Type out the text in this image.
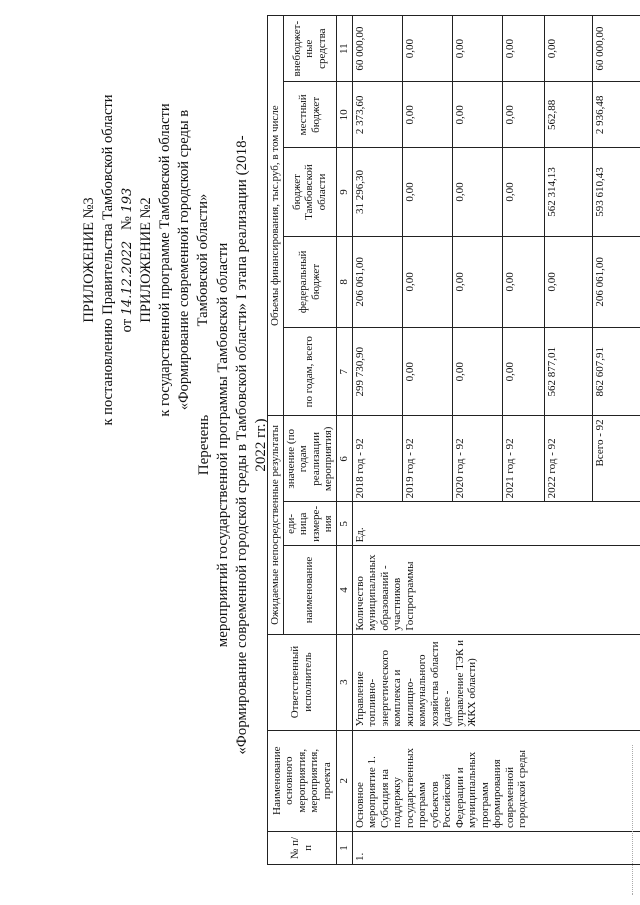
ПРИЛОЖЕНИЕ №3 к постановлению Правительства Тамбовской области от 14.12.2022   № 193 ПРИЛОЖЕНИЕ №2 к государственной программе Тамбовской области «Формирование современной городской среды в Тамбовской области»
Перечень мероприятий государственной программы Тамбовской области «Формирование современной городской среды в Тамбовской области» I этапа реализации (2018-2022 гг.)
№ п/п	Наименование основного мероприятия, мероприятия, проекта	Ответственный исполнитель	Ожидаемые непосредственные результаты			Объемы финансирования, тыс.руб, в том числе				
			наименование	еди-ница измере-ния	значение (по годам реализации мероприятия)	по годам, всего	федеральный бюджет	бюджет Тамбовской области	местный бюджет	внебюджет-ные средства
1	2	3	4	5	6	7	8	9	10	11
1.	Основное мероприятие 1. Субсидия на поддержку государственных программ субъектов Российской Федерации и муниципальных программ формирования современной городской среды	Управление топливно-энергетического комплекса и жилищно-коммунального хозяйства области (далее - управление ТЭК и ЖКХ области)	Количество муниципальных образований - участников Госпрограммы	Ед.	2018 год - 92	299 730,90	206 061,00	31 296,30	2 373,60	60 000,00
					2019 год - 92	0,00	0,00	0,00	0,00	0,00
					2020 год - 92	0,00	0,00	0,00	0,00	0,00
					2021 год - 92	0,00	0,00	0,00	0,00	0,00
					2022 год - 92	562 877,01	0,00	562 314,13	562,88	0,00
					Всего - 92	862 607,91	206 061,00	593 610,43	2 936,48	60 000,00
